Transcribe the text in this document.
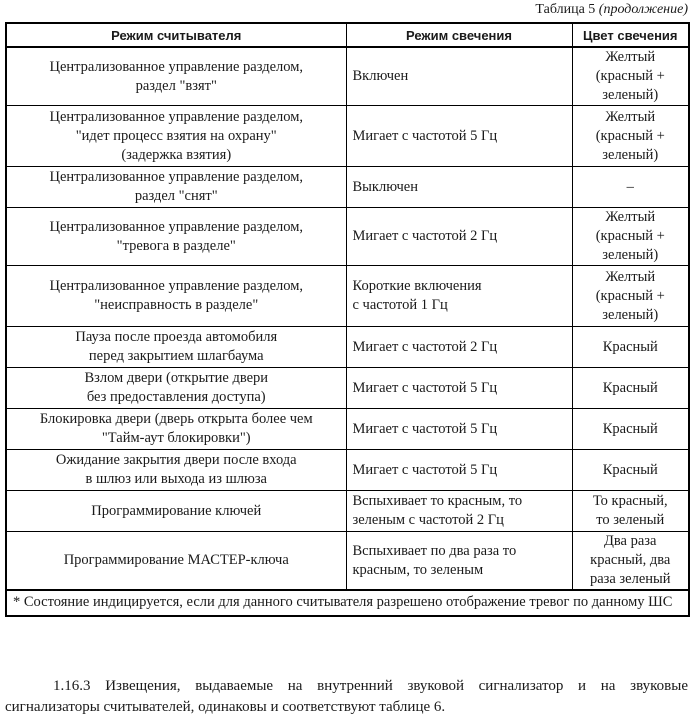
Таблица 5 (продолжение)
Режим считывателя	Режим свечения	Цвет свечения

Централизованное управление разделом,
раздел "взят"	Включен	Желтый
(красный +
зеленый)

Централизованное управление разделом,
"идет процесс взятия на охрану"
(задержка взятия)	Мигает с частотой 5 Гц	Желтый
(красный +
зеленый)

Централизованное управление разделом,
раздел "снят"	Выключен	–

Централизованное управление разделом,
"тревога в разделе"	Мигает с частотой 2 Гц	Желтый
(красный +
зеленый)

Централизованное управление разделом,
"неисправность в разделе"	Короткие включения
с частотой 1 Гц	Желтый
(красный +
зеленый)

Пауза после проезда автомобиля
перед закрытием шлагбаума	Мигает с частотой 2 Гц	Красный

Взлом двери (открытие двери
без предоставления доступа)	Мигает с частотой 5 Гц	Красный

Блокировка двери (дверь открыта более чем
"Тайм-аут блокировки")	Мигает с частотой 5 Гц	Красный

Ожидание закрытия двери после входа
в шлюз или выхода из шлюза	Мигает с частотой 5 Гц	Красный

Программирование ключей	Вспыхивает то красным, то
зеленым с частотой 2 Гц	То красный,
то зеленый

Программирование МАСТЕР-ключа	Вспыхивает по два раза то
красным, то зеленым	Два раза
красный, два
раза зеленый

* Состояние индицируется, если для данного считывателя разрешено отображение тревог по данному ШС		
1.16.3 Извещения, выдаваемые на внутренний звуковой сигнализатор и на звуковые сигнализаторы считывателей, одинаковы и соответствуют таблице 6.
